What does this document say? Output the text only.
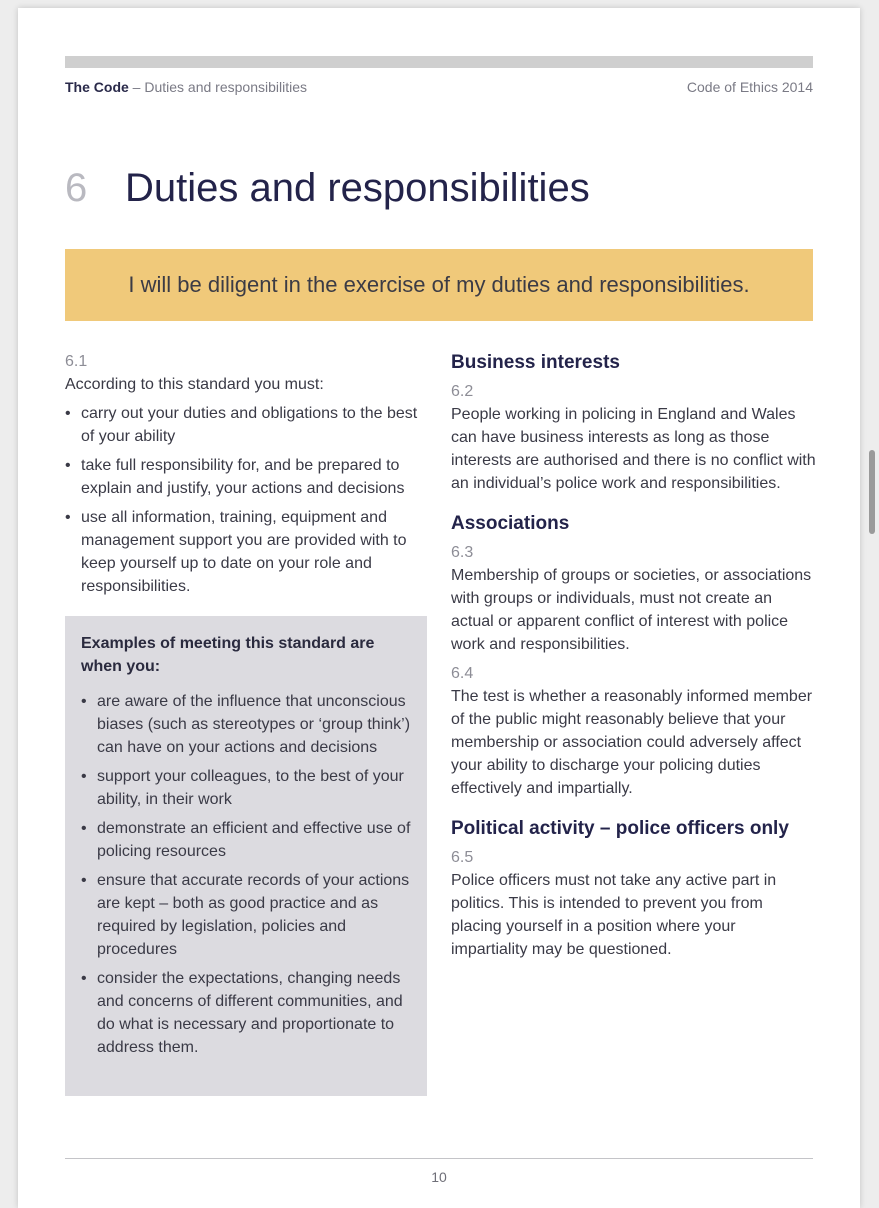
The Code – Duties and responsibilities	Code of Ethics 2014
6 Duties and responsibilities
I will be diligent in the exercise of my duties and responsibilities.
6.1
According to this standard you must:
• carry out your duties and obligations to the best of your ability
• take full responsibility for, and be prepared to explain and justify, your actions and decisions
• use all information, training, equipment and management support you are provided with to keep yourself up to date on your role and responsibilities.
Examples of meeting this standard are when you:
• are aware of the influence that unconscious biases (such as stereotypes or ‘group think’) can have on your actions and decisions
• support your colleagues, to the best of your ability, in their work
• demonstrate an efficient and effective use of policing resources
• ensure that accurate records of your actions are kept – both as good practice and as required by legislation, policies and procedures
• consider the expectations, changing needs and concerns of different communities, and do what is necessary and proportionate to address them.
Business interests
6.2
People working in policing in England and Wales can have business interests as long as those interests are authorised and there is no conflict with an individual’s police work and responsibilities.
Associations
6.3
Membership of groups or societies, or associations with groups or individuals, must not create an actual or apparent conflict of interest with police work and responsibilities.
6.4
The test is whether a reasonably informed member of the public might reasonably believe that your membership or association could adversely affect your ability to discharge your policing duties effectively and impartially.
Political activity – police officers only
6.5
Police officers must not take any active part in politics. This is intended to prevent you from placing yourself in a position where your impartiality may be questioned.
10
